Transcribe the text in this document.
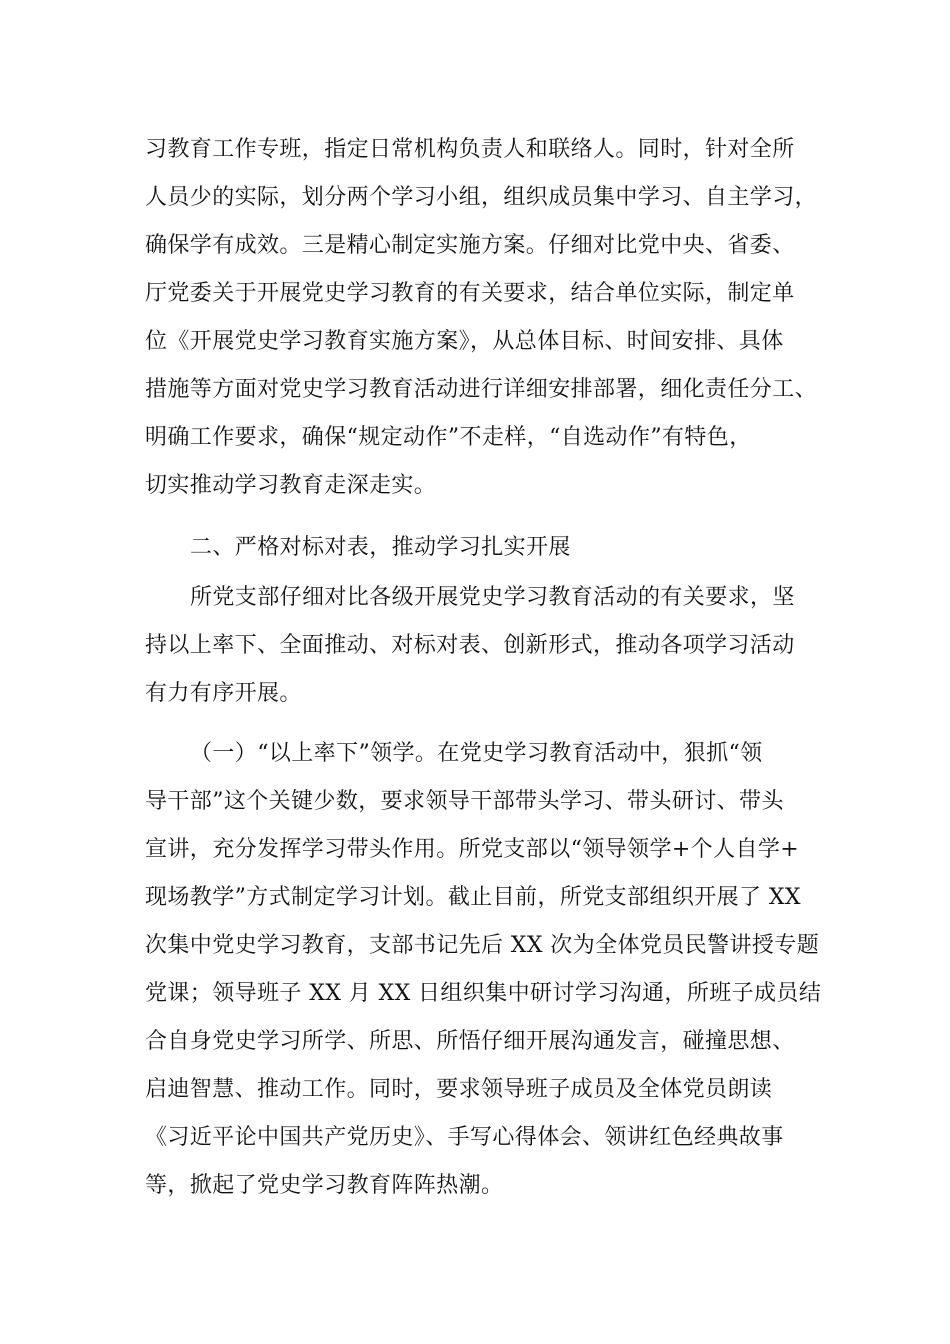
习教育工作专班，指定日常机构负责人和联络人。同时，针对全所
人员少的实际，划分两个学习小组，组织成员集中学习、自主学习，
确保学有成效。三是精心制定实施方案。仔细对比党中央、省委、
厅党委关于开展党史学习教育的有关要求，结合单位实际，制定单
位《开展党史学习教育实施方案》，从总体目标、时间安排、具体
措施等方面对党史学习教育活动进行详细安排部署，细化责任分工、
明确工作要求，确保“规定动作”不走样，“自选动作”有特色，
切实推动学习教育走深走实。
二、严格对标对表，推动学习扎实开展
所党支部仔细对比各级开展党史学习教育活动的有关要求，坚
持以上率下、全面推动、对标对表、创新形式，推动各项学习活动
有力有序开展。
（一）“以上率下”领学。在党史学习教育活动中，狠抓“领
导干部”这个关键少数，要求领导干部带头学习、带头研讨、带头
宣讲，充分发挥学习带头作用。所党支部以“领导领学+个人自学+
现场教学”方式制定学习计划。截止目前，所党支部组织开展了 XX
次集中党史学习教育，支部书记先后 XX 次为全体党员民警讲授专题
党课；领导班子 XX 月 XX 日组织集中研讨学习沟通，所班子成员结
合自身党史学习所学、所思、所悟仔细开展沟通发言，碰撞思想、
启迪智慧、推动工作。同时，要求领导班子成员及全体党员朗读
《习近平论中国共产党历史》、手写心得体会、领讲红色经典故事
等，掀起了党史学习教育阵阵热潮。
